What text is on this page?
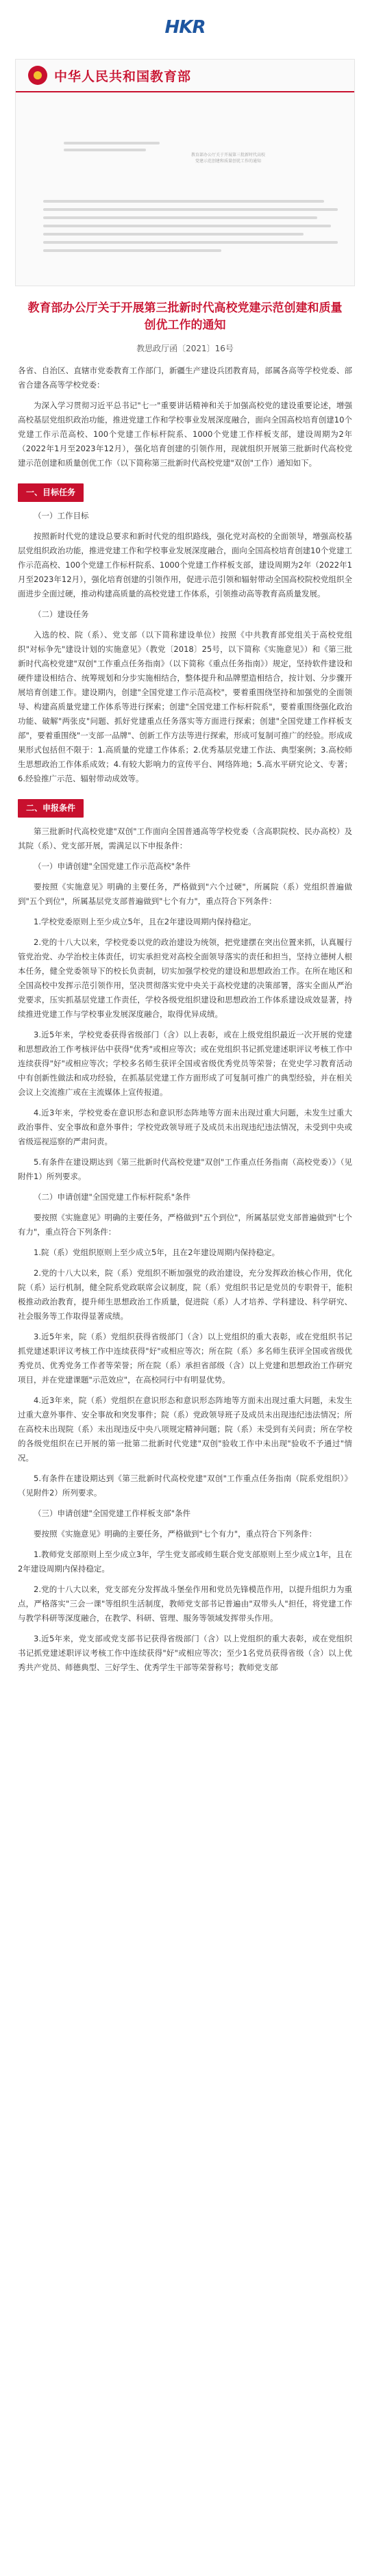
HKR
中华人民共和国教育部
教育部办公厅关于开展第三批新时代高校
党建示范创建和质量创优工作的通知
教育部办公厅关于开展第三批新时代高校党建示范创建和质量创优工作的通知
教思政厅函〔2021〕16号

各省、自治区、直辖市党委教育工作部门，新疆生产建设兵团教育局，部属各高等学校党委、部省合建各高等学校党委：

为深入学习贯彻习近平总书记"七一"重要讲话精神和关于加强高校党的建设重要论述，增强高校基层党组织政治功能，推进党建工作和学校事业发展深度融合，面向全国高校培育创建10个党建工作示范高校、100个党建工作标杆院系、1000个党建工作样板支部，建设周期为2年（2022年1月至2023年12月），强化培育创建的引领作用，现就组织开展第三批新时代高校党建示范创建和质量创优工作（以下简称第三批新时代高校党建"双创"工作）通知如下。

一、目标任务

（一）工作目标

按照新时代党的建设总要求和新时代党的组织路线，强化党对高校的全面领导，增强高校基层党组织政治功能，推进党建工作和学校事业发展深度融合，面向全国高校培育创建10个党建工作示范高校、100个党建工作标杆院系、1000个党建工作样板支部，建设周期为2年（2022年1月至2023年12月），强化培育创建的引领作用，促进示范引领和辐射带动全国高校院校党组织全面进步全面过硬，推动构建高质量的高校党建工作体系，引领推动高等教育高质量发展。

（二）建设任务

入选的校、院（系）、党支部（以下简称建设单位）按照《中共教育部党组关于高校党组织"对标争先"建设计划的实施意见》（教党〔2018〕25号，以下简称《实施意见》）和《第三批新时代高校党建"双创"工作重点任务指南》（以下简称《重点任务指南》）规定，坚持软件建设和硬件建设相结合、统筹规划和分步实施相结合，整体提升和品牌塑造相结合，按计划、分步骤开展培育创建工作。建设期内，创建"全国党建工作示范高校"，要着重围绕坚持和加强党的全面领导、构建高质量党建工作体系等进行探索；创建"全国党建工作标杆院系"，要着重围绕强化政治功能、破解"两张皮"问题、抓好党建重点任务落实等方面进行探索；创建"全国党建工作样板支部"，要着重围绕"一支部一品牌"、创新工作方法等进行探索，形成可复制可推广的经验。形成成果形式包括但不限于：1.高质量的党建工作体系；2.优秀基层党建工作法、典型案例；3.高校师生思想政治工作体系成效；4.有较大影响力的宣传平台、网络阵地；5.高水平研究论文、专著；6.经验推广示范、辐射带动成效等。

二、申报条件

第三批新时代高校党建"双创"工作面向全国普通高等学校党委（含高职院校、民办高校）及其院（系）、党支部开展，需满足以下申报条件：

（一）申请创建"全国党建工作示范高校"条件

要按照《实施意见》明确的主要任务，严格做到"六个过硬"，所属院（系）党组织普遍做到"五个到位"，所属基层党支部普遍做到"七个有力"，重点符合下列条件：

1.学校党委原则上至少成立5年，且在2年建设周期内保持稳定。

2.党的十八大以来，学校党委以党的政治建设为统领，把党建摆在突出位置来抓，认真履行管党治党、办学治校主体责任，切实承担党对高校全面领导落实的责任和担当，坚持立德树人根本任务，健全党委领导下的校长负责制，切实加强学校党的建设和思想政治工作。在所在地区和全国高校中发挥示范引领作用，坚决贯彻落实党中央关于高校党建的决策部署，落实全面从严治党要求，压实抓基层党建工作责任，学校各级党组织建设和思想政治工作体系建设成效显著，持续推进党建工作与学校事业发展深度融合，取得优异成绩。

3.近5年来，学校党委获得省级部门（含）以上表彰，或在上级党组织最近一次开展的党建和思想政治工作考核评估中获得"优秀"或相应等次；或在党组织书记抓党建述职评议考核工作中连续获得"好"或相应等次；学校多名师生获评全国或省级优秀党员等荣誉；在党史学习教育活动中有创新性做法和成功经验，在抓基层党建工作方面形成了可复制可推广的典型经验，并在相关会议上交流推广或在主流媒体上宣传报道。

4.近3年来，学校党委在意识形态和意识形态阵地等方面未出现过重大问题，未发生过重大政治事件、安全事故和意外事件；学校党政领导班子及成员未出现违纪违法情况，未受到中央或省级巡视巡察的严肃问责。

5.有条件在建设期达到《第三批新时代高校党建"双创"工作重点任务指南（高校党委）》（见附件1）所列要求。

（二）申请创建"全国党建工作标杆院系"条件

要按照《实施意见》明确的主要任务，严格做到"五个到位"，所属基层党支部普遍做到"七个有力"，重点符合下列条件：

1.院（系）党组织原则上至少成立5年，且在2年建设周期内保持稳定。

2.党的十八大以来，院（系）党组织不断加强党的政治建设，充分发挥政治核心作用，优化院（系）运行机制，健全院系党政联席会议制度，院（系）党组织书记是党员的专职骨干，能积极推动政治教育，提升师生思想政治工作质量，促进院（系）人才培养、学科建设、科学研究、社会服务等工作取得显著成绩。

3.近5年来，院（系）党组织获得省级部门（含）以上党组织的重大表彰，或在党组织书记抓党建述职评议考核工作中连续获得"好"或相应等次；所在院（系）多名师生获评全国或省级优秀党员、优秀党务工作者等荣誉；所在院（系）承担省部级（含）以上党建和思想政治工作研究项目，并在党建课题"示范效应"，在高校同行中有明显优势。

4.近3年来，院（系）党组织在意识形态和意识形态阵地等方面未出现过重大问题，未发生过重大意外事件、安全事故和突发事件；院（系）党政领导班子及成员未出现违纪违法情况；所在高校未出现院（系）未出现违反中央八项规定精神问题；院（系）未受到有关问责；所在学校的各级党组织在已开展的第一批第二批新时代党建"双创"验收工作中未出现"验收不予通过"情况。

5.有条件在建设期达到《第三批新时代高校党建"双创"工作重点任务指南（院系党组织）》（见附件2）所列要求。

（三）申请创建"全国党建工作样板支部"条件

要按照《实施意见》明确的主要任务，严格做到"七个有力"，重点符合下列条件：

1.教师党支部原则上至少成立3年，学生党支部或师生联合党支部原则上至少成立1年，且在2年建设周期内保持稳定。

2.党的十八大以来，党支部充分发挥战斗堡垒作用和党员先锋模范作用，以提升组织力为重点，严格落实"三会一课"等组织生活制度，教师党支部书记普遍由"双带头人"担任，将党建工作与教学科研等深度融合，在教学、科研、管理、服务等领域发挥带头作用。

3.近5年来，党支部或党支部书记获得省级部门（含）以上党组织的重大表彰，或在党组织书记抓党建述职评议考核工作中连续获得"好"或相应等次；至少1名党员获得省级（含）以上优秀共产党员、师德典型、三好学生、优秀学生干部等荣誉称号；教师党支部
